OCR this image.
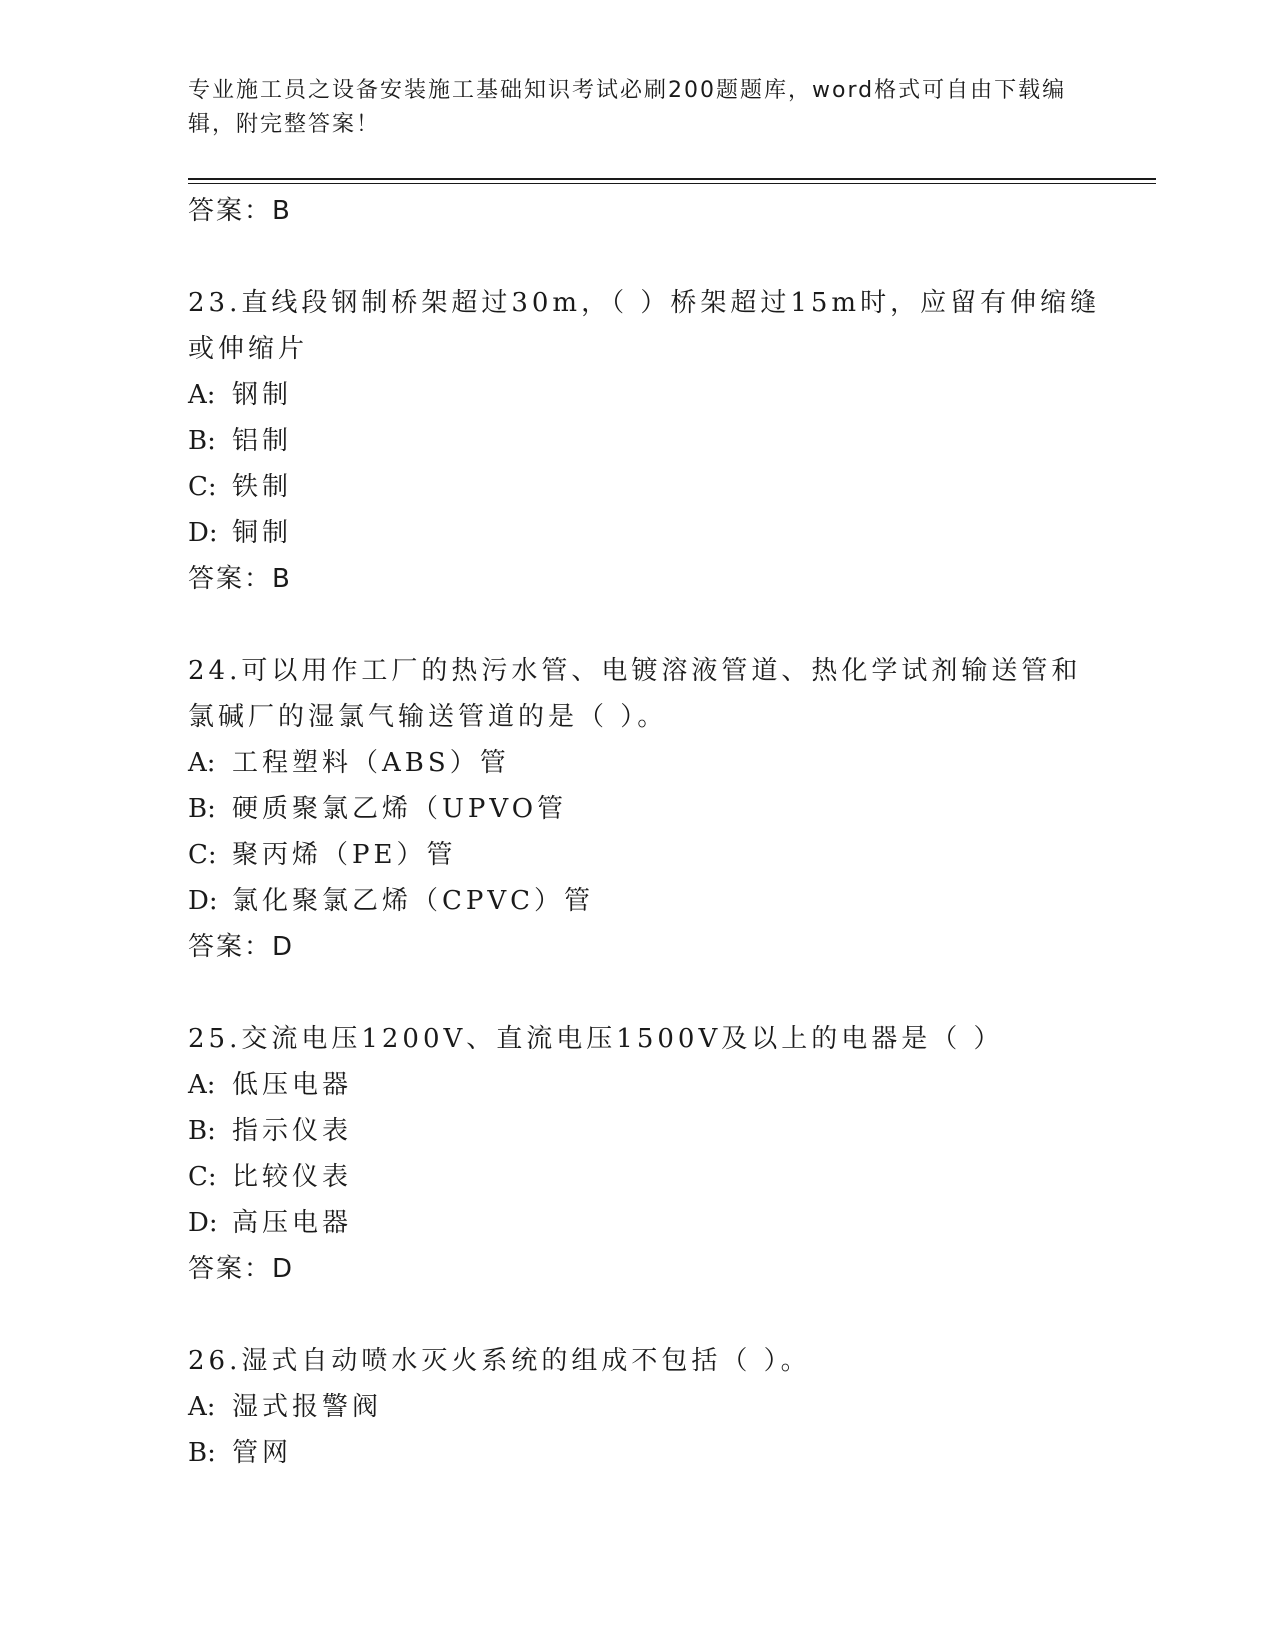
专业施工员之设备安装施工基础知识考试必刷200题题库，word格式可自由下载编辑，附完整答案！
答案：B
23.直线段钢制桥架超过30m，（ ）桥架超过15m时，应留有伸缩缝或伸缩片
A: 钢制
B: 铝制
C: 铁制
D: 铜制
答案：B
24.可以用作工厂的热污水管、电镀溶液管道、热化学试剂输送管和氯碱厂的湿氯气输送管道的是（ ）。
A: 工程塑料（ABS）管
B: 硬质聚氯乙烯（UPVO管
C: 聚丙烯（PE）管
D: 氯化聚氯乙烯（CPVC）管
答案：D
25.交流电压1200V、直流电压1500V及以上的电器是（ ）
A: 低压电器
B: 指示仪表
C: 比较仪表
D: 高压电器
答案：D
26.湿式自动喷水灭火系统的组成不包括（ ）。
A: 湿式报警阀
B: 管网
